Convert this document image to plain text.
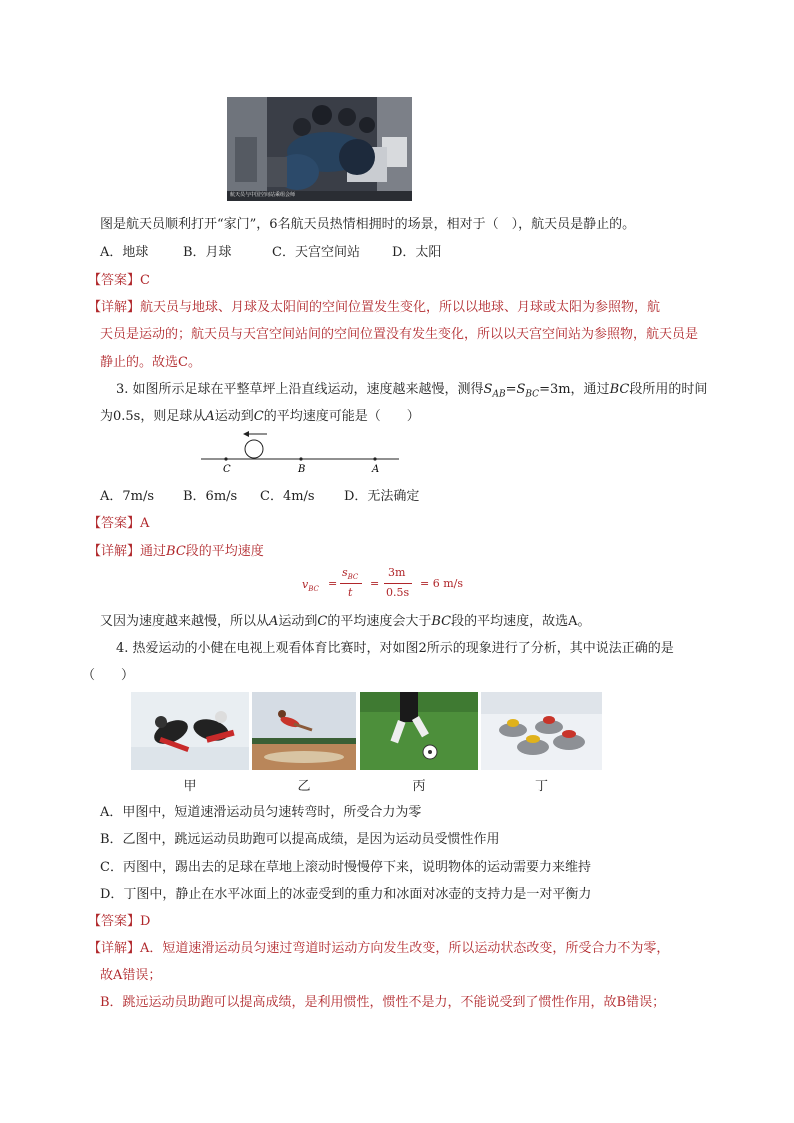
航天员与中国空间站乘组会师
图是航天员顺利打开“家门”，6名航天员热情相拥时的场景，相对于（　），航天员是静止的。
A．地球	B．月球	C．天宫空间站 D．太阳
【答案】C
【详解】航天员与地球、月球及太阳间的空间位置发生变化，所以以地球、月球或太阳为参照物，航
天员是运动的；航天员与天宫空间站间的空间位置没有发生变化，所以以天宫空间站为参照物，航天员是
静止的。故选C。
3. 如图所示足球在平整草坪上沿直线运动，速度越来越慢，测得$S_{AB}=S_{BC}=3m$，通过BC段所用的时间
为0.5s，则足球从A运动到C的平均速度可能是（　　）
C	B	A
A．7m/s B．6m/s C．4m/s D．无法确定
【答案】A
【详解】通过BC段的平均速度
$v_{BC}$ =
$s_{BC}$
t
=
3m
0.5s
= 6 m/s
又因为速度越来越慢，所以从A运动到C的平均速度会大于BC段的平均速度，故选A。
4. 热爱运动的小健在电视上观看体育比赛时，对如图2所示的现象进行了分析，其中说法正确的是
（　　）
甲	乙	丙	丁
A．甲图中，短道速滑运动员匀速转弯时，所受合力为零
B．乙图中，跳远运动员助跑可以提高成绩，是因为运动员受惯性作用
C．丙图中，踢出去的足球在草地上滚动时慢慢停下来，说明物体的运动需要力来维持
D．丁图中，静止在水平冰面上的冰壶受到的重力和冰面对冰壶的支持力是一对平衡力
【答案】D
【详解】A．短道速滑运动员匀速过弯道时运动方向发生改变，所以运动状态改变，所受合力不为零，
故A错误；
B．跳远运动员助跑可以提高成绩，是利用惯性，惯性不是力，不能说受到了惯性作用，故B错误；
